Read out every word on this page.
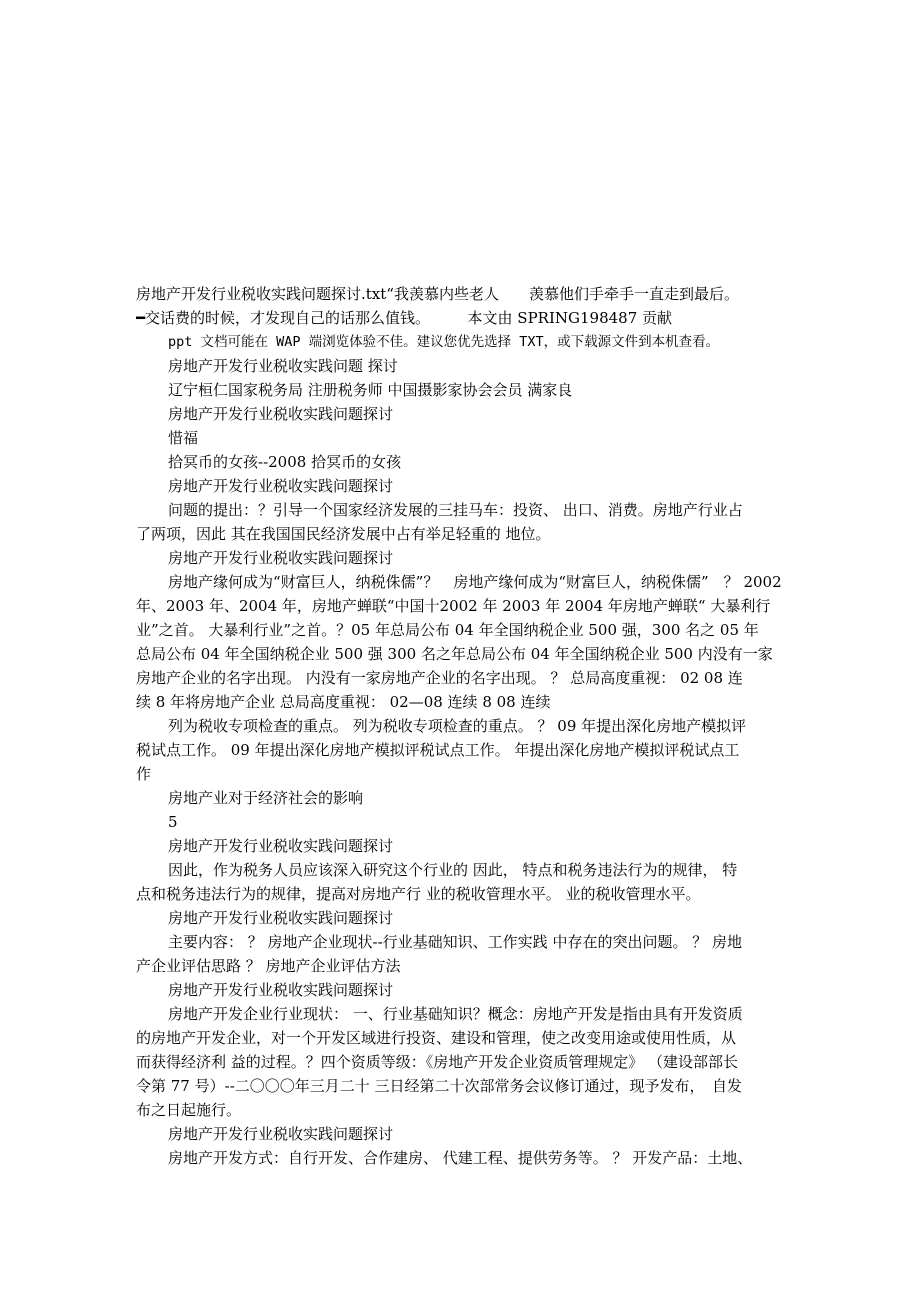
房地产开发行业税收实践问题探讨.txt“我羡慕内些老人　　羡慕他们手牵手一直走到最后。
━交话费的时候，才发现自己的话那么值钱。　　　本文由 SPRING198487 贡献
ppt 文档可能在 WAP 端浏览体验不佳。建议您优先选择 TXT，或下载源文件到本机查看。
房地产开发行业税收实践问题 探讨
辽宁桓仁国家税务局 注册税务师 中国摄影家协会会员 满家良
房地产开发行业税收实践问题探讨
惜福
拾冥币的女孩--2008 拾冥币的女孩
房地产开发行业税收实践问题探讨
问题的提出：？引导一个国家经济发展的三挂马车：投资、 出口、消费。房地产行业占
了两项，因此 其在我国国民经济发展中占有举足轻重的 地位。
房地产开发行业税收实践问题探讨
房地产缘何成为“财富巨人，纳税侏儒”？　房地产缘何成为“财富巨人，纳税侏儒”　？ 2002
年、2003 年、2004 年，房地产蝉联“中国十2002 年 2003 年 2004 年房地产蝉联“ 大暴利行
业”之首。 大暴利行业”之首。？05 年总局公布 04 年全国纳税企业 500 强，300 名之 05 年
总局公布 04 年全国纳税企业 500 强 300 名之年总局公布 04 年全国纳税企业 500 内没有一家
房地产企业的名字出现。 内没有一家房地产企业的名字出现。 ？ 总局高度重视： 02 08 连
续 8 年将房地产企业 总局高度重视： 02—08 连续 8 08 连续
列为税收专项检查的重点。 列为税收专项检查的重点。 ？ 09 年提出深化房地产模拟评
税试点工作。 09 年提出深化房地产模拟评税试点工作。 年提出深化房地产模拟评税试点工
作
房地产业对于经济社会的影响
5
房地产开发行业税收实践问题探讨
因此，作为税务人员应该深入研究这个行业的 因此， 特点和税务违法行为的规律， 特
点和税务违法行为的规律，提高对房地产行 业的税收管理水平。 业的税收管理水平。
房地产开发行业税收实践问题探讨
主要内容： ？ 房地产企业现状--行业基础知识、工作实践 中存在的突出问题。 ？ 房地
产企业评估思路 ？ 房地产企业评估方法
房地产开发行业税收实践问题探讨
房地产开发企业行业现状： 一、行业基础知识？概念：房地产开发是指由具有开发资质
的房地产开发企业，对一个开发区域进行投资、建设和管理，使之改变用途或使用性质，从
而获得经济利 益的过程。？四个资质等级：《房地产开发企业资质管理规定》 （建设部部长
令第 77 号）--二〇〇〇年三月二十 三日经第二十次部常务会议修订通过，现予发布，　自发
布之日起施行。
房地产开发行业税收实践问题探讨
房地产开发方式：自行开发、合作建房、 代建工程、提供劳务等。 ？ 开发产品：土地、
